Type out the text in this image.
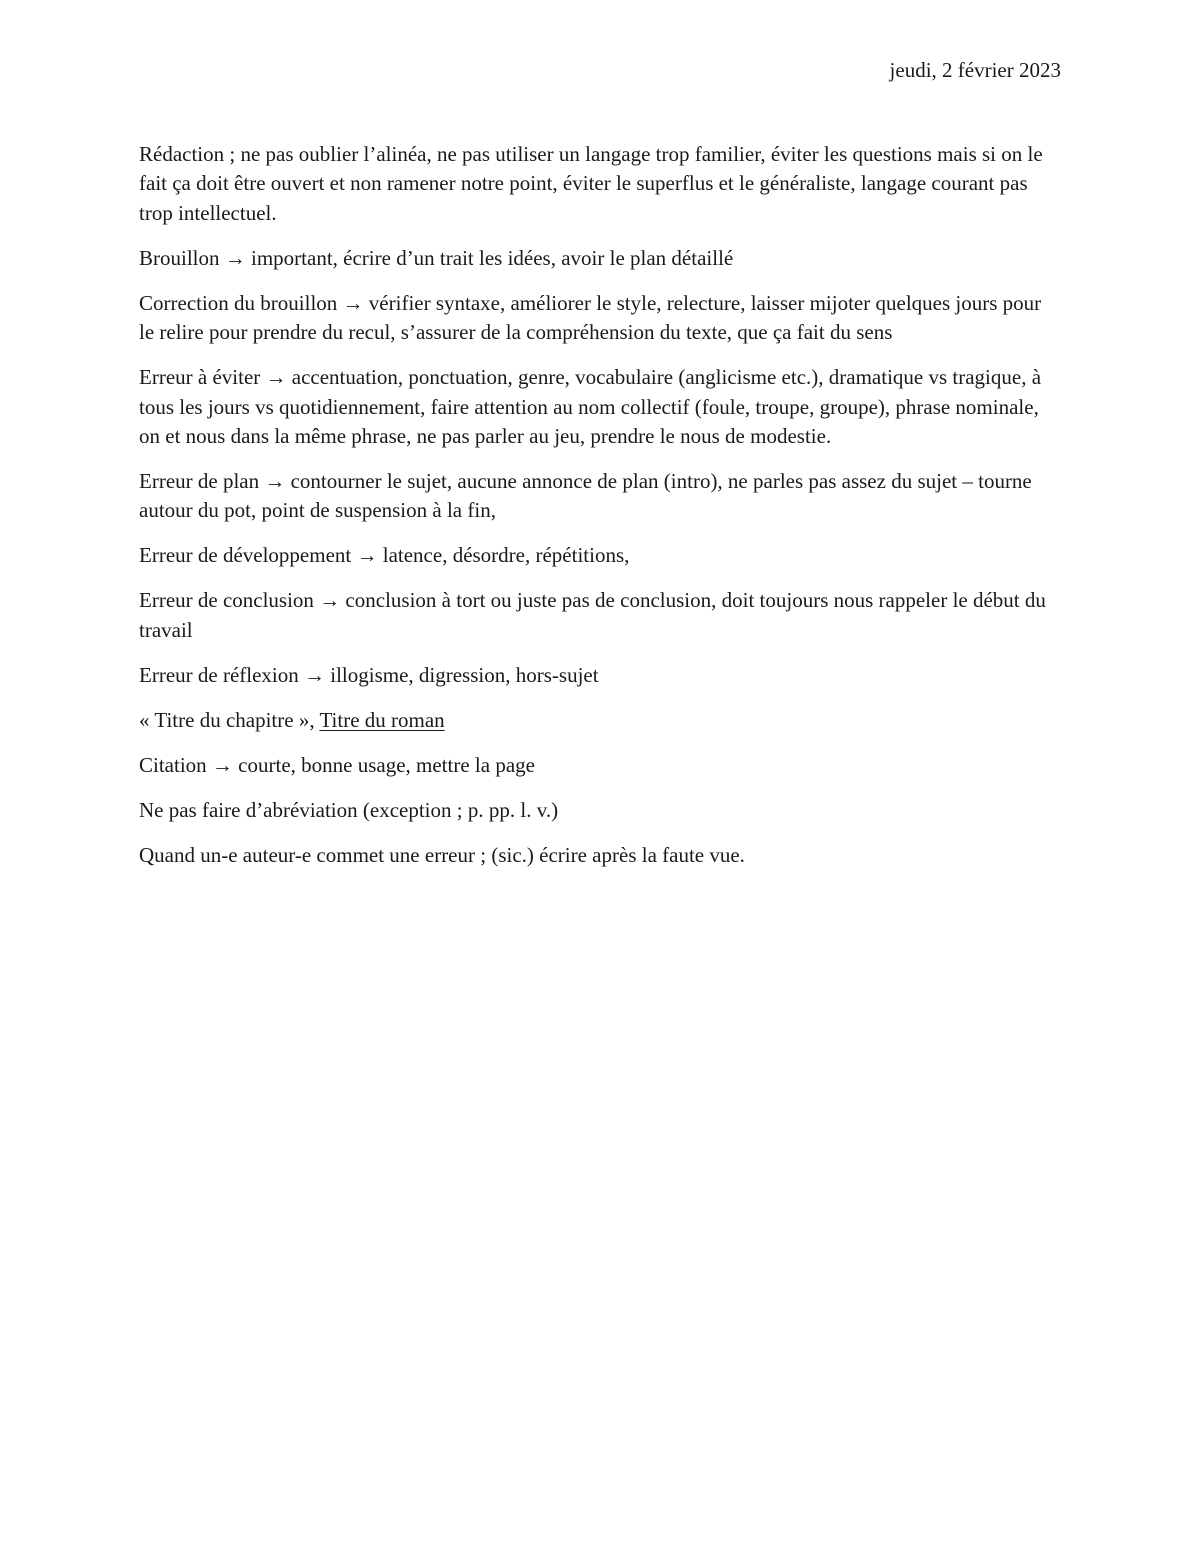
jeudi, 2 février 2023

Rédaction ; ne pas oublier l’alinéa, ne pas utiliser un langage trop familier, éviter les questions mais si on le fait ça doit être ouvert et non ramener notre point, éviter le superflus et le généraliste, langage courant pas trop intellectuel.

Brouillon → important, écrire d’un trait les idées, avoir le plan détaillé

Correction du brouillon → vérifier syntaxe, améliorer le style, relecture, laisser mijoter quelques jours pour le relire pour prendre du recul, s’assurer de la compréhension du texte, que ça fait du sens

Erreur à éviter → accentuation, ponctuation, genre, vocabulaire (anglicisme etc.), dramatique vs tragique, à tous les jours vs quotidiennement, faire attention au nom collectif (foule, troupe, groupe), phrase nominale, on et nous dans la même phrase, ne pas parler au jeu, prendre le nous de modestie.

Erreur de plan → contourner le sujet, aucune annonce de plan (intro), ne parles pas assez du sujet – tourne autour du pot, point de suspension à la fin,

Erreur de développement → latence, désordre, répétitions,

Erreur de conclusion → conclusion à tort ou juste pas de conclusion, doit toujours nous rappeler le début du travail

Erreur de réflexion → illogisme, digression, hors-sujet

« Titre du chapitre », Titre du roman

Citation → courte, bonne usage, mettre la page

Ne pas faire d’abréviation (exception ; p. pp. l. v.)

Quand un-e auteur-e commet une erreur ; (sic.) écrire après la faute vue.
